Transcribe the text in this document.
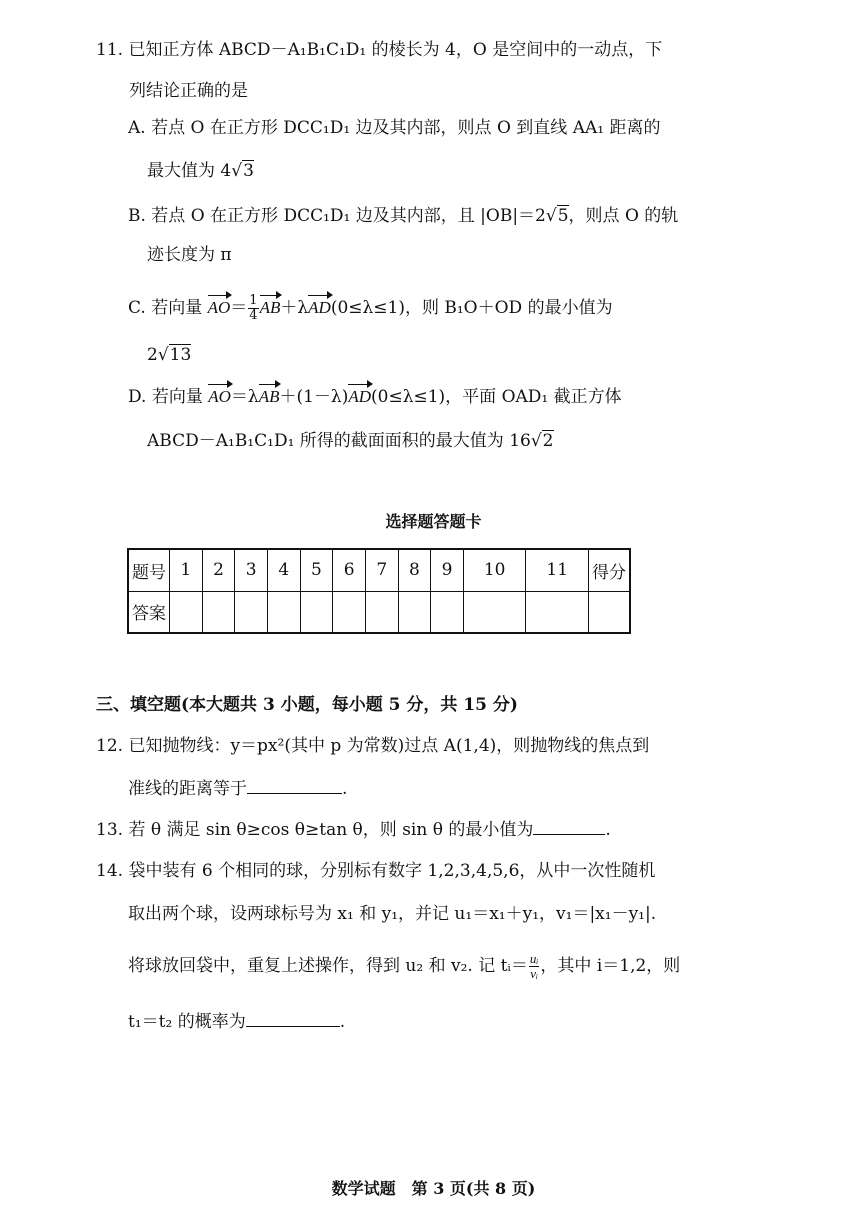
11. 已知正方体 ABCD－A₁B₁C₁D₁ 的棱长为 4，O 是空间中的一动点，下
列结论正确的是
A. 若点 O 在正方形 DCC₁D₁ 边及其内部，则点 O 到直线 AA₁ 距离的
最大值为 4√3
B. 若点 O 在正方形 DCC₁D₁ 边及其内部，且 |OB|＝2√5，则点 O 的轨
迹长度为 π
C. 若向量 $AO= \frac{1}{4} AB+\lambda AD(0\le\lambda\le 1)$，则 B₁O＋OD 的最小值为
2√13
D. 若向量 AO＝λAB＋(1－λ)AD(0≤λ≤1)，平面 OAD₁ 截正方体
ABCD－A₁B₁C₁D₁ 所得的截面面积的最大值为 16√2
选择题答题卡
题号	1	2	3	4	5	6	7	8	9	10	11	得分
答案												
三、填空题(本大题共 3 小题，每小题 5 分，共 15 分)
12. 已知抛物线：y＝px²(其中 p 为常数)过点 A(1,4)，则抛物线的焦点到
准线的距离等于	.
13. 若 θ 满足 sin θ≥cos θ≥tan θ，则 sin θ 的最小值为	.
14. 袋中装有 6 个相同的球，分别标有数字 1,2,3,4,5,6，从中一次性随机
取出两个球，设两球标号为 x₁ 和 y₁，并记 u₁＝x₁＋y₁，v₁＝|x₁－y₁|.
将球放回袋中，重复上述操作，得到 u₂ 和 v₂. 记 tᵢ＝ $\frac{\text{uᵢ}}{\text{vᵢ}}$ ，其中 i＝1,2，则
t₁＝t₂ 的概率为	.
数学试题　第 3 页(共 8 页)
